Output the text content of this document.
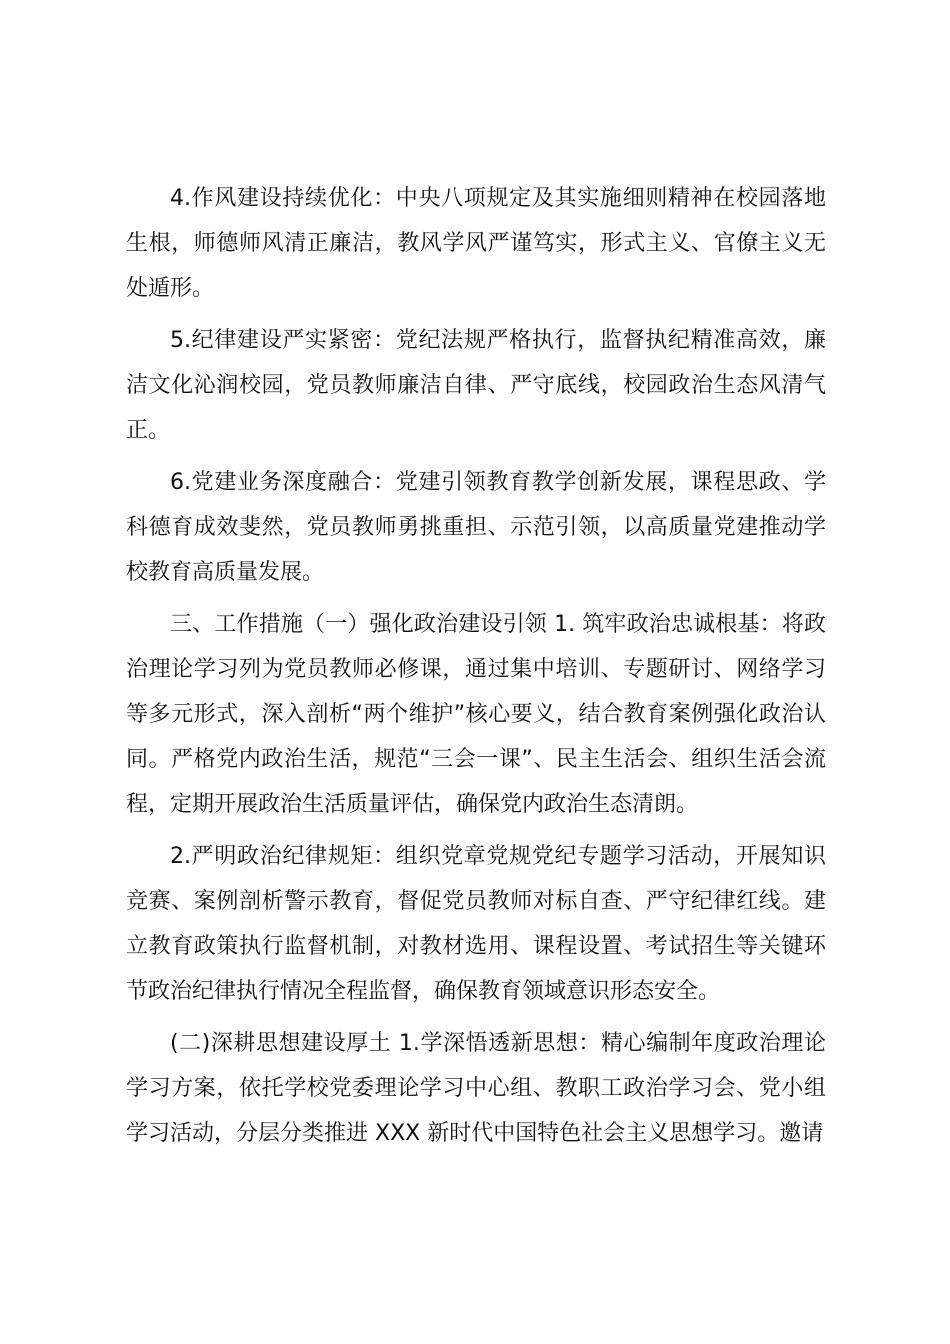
4.作风建设持续优化：中央八项规定及其实施细则精神在校园落地生根，师德师风清正廉洁，教风学风严谨笃实，形式主义、官僚主义无处遁形。

5.纪律建设严实紧密：党纪法规严格执行，监督执纪精准高效，廉洁文化沁润校园，党员教师廉洁自律、严守底线，校园政治生态风清气正。

6.党建业务深度融合：党建引领教育教学创新发展，课程思政、学科德育成效斐然，党员教师勇挑重担、示范引领，以高质量党建推动学校教育高质量发展。

三、工作措施（一）强化政治建设引领 1. 筑牢政治忠诚根基：将政治理论学习列为党员教师必修课，通过集中培训、专题研讨、网络学习等多元形式，深入剖析“两个维护”核心要义，结合教育案例强化政治认同。严格党内政治生活，规范“三会一课”、民主生活会、组织生活会流程，定期开展政治生活质量评估，确保党内政治生态清朗。

2.严明政治纪律规矩：组织党章党规党纪专题学习活动，开展知识竞赛、案例剖析警示教育，督促党员教师对标自查、严守纪律红线。建立教育政策执行监督机制，对教材选用、课程设置、考试招生等关键环节政治纪律执行情况全程监督，确保教育领域意识形态安全。

(二)深耕思想建设厚土 1.学深悟透新思想：精心编制年度政治理论学习方案，依托学校党委理论学习中心组、教职工政治学习会、党小组学习活动，分层分类推进 XXX 新时代中国特色社会主义思想学习。邀请
